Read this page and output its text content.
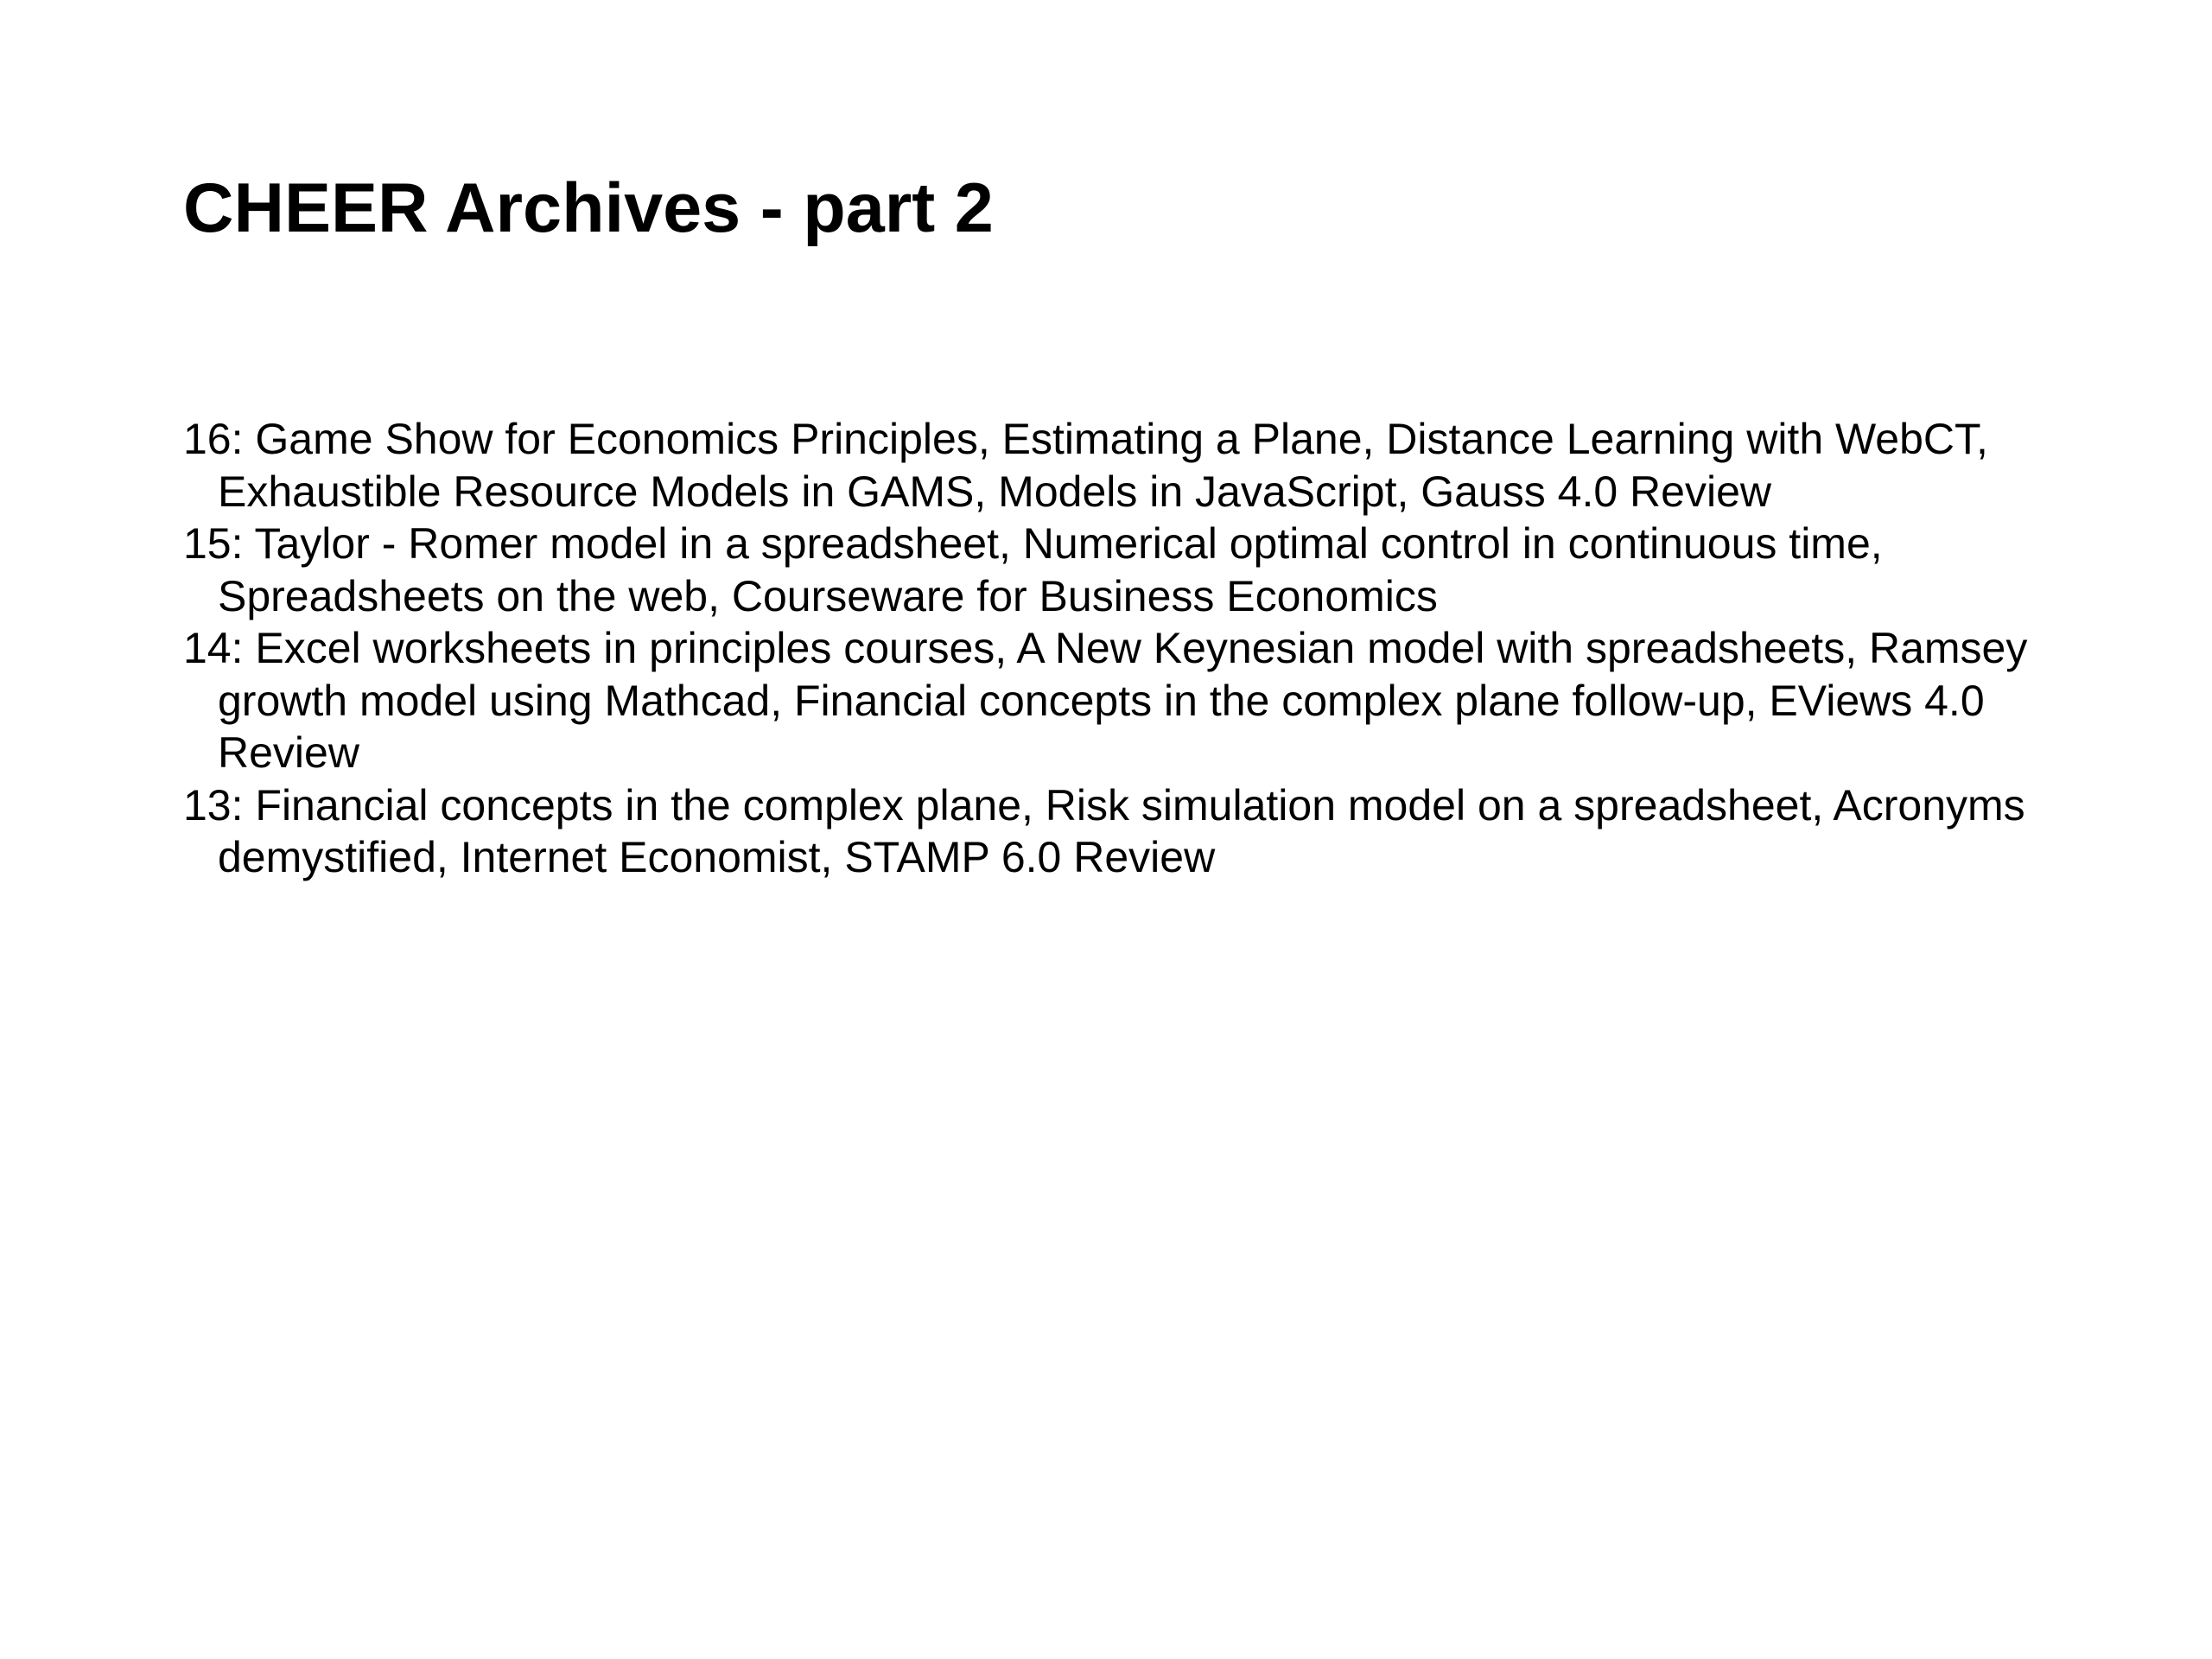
CHEER Archives - part 2
16: Game Show for Economics Principles, Estimating a Plane, Distance Learning with WebCT, Exhaustible Resource Models in GAMS, Models in JavaScript, Gauss 4.0 Review
15: Taylor - Romer model in a spreadsheet, Numerical optimal control in continuous time, Spreadsheets on the web, Courseware for Business Economics
14: Excel worksheets in principles courses, A New Keynesian model with spreadsheets, Ramsey growth model using Mathcad, Financial concepts in the complex plane follow-up, EViews 4.0 Review
13: Financial concepts in the complex plane, Risk simulation model on a spreadsheet, Acronyms demystified, Internet Economist, STAMP 6.0 Review
